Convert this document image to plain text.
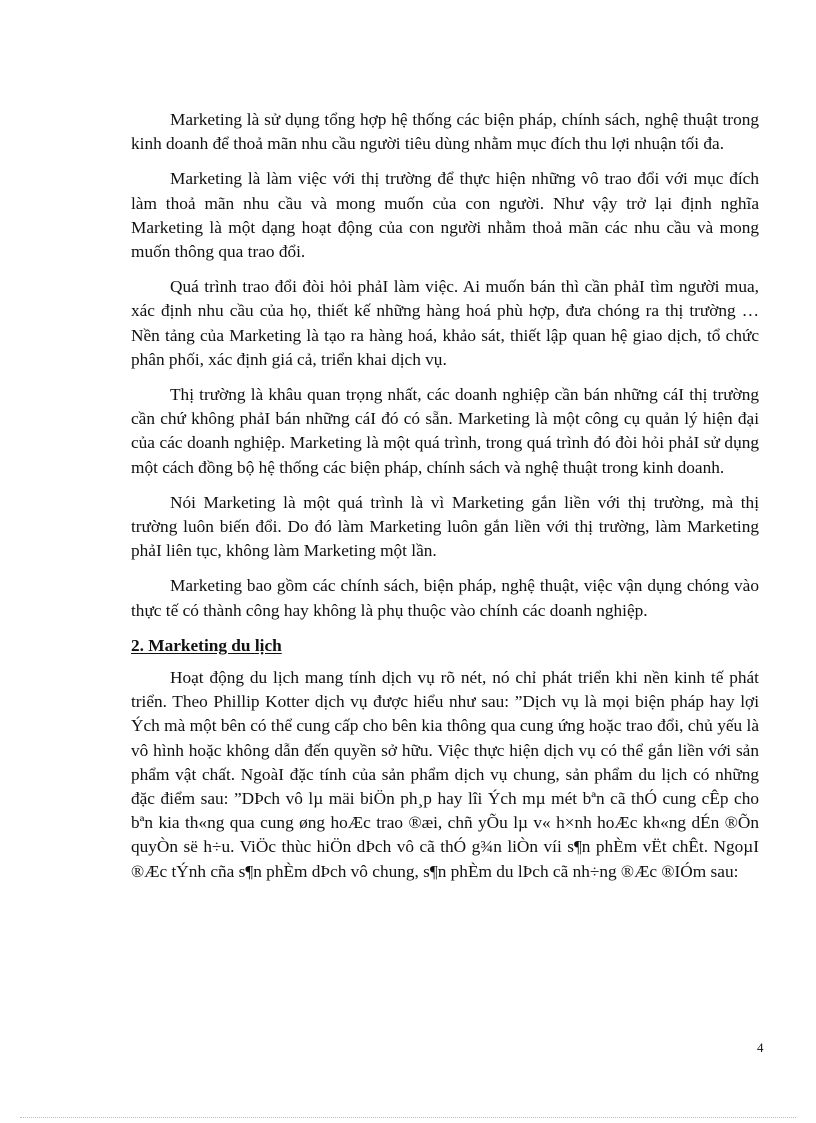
Marketing là sử dụng tổng hợp hệ thống các biện pháp, chính sách, nghệ thuật trong kinh doanh để thoả mãn nhu cầu người tiêu dùng nhằm mục đích thu lợi nhuận tối đa.

Marketing là làm việc với thị trường để thực hiện những vô trao đổi với mục đích làm thoả mãn nhu cầu và mong muốn của con người. Như vậy trở lại định nghĩa Marketing là một dạng hoạt động của con người nhằm thoả mãn các nhu cầu và mong muốn thông qua trao đổi.

Quá trình trao đổi đòi hỏi phảI làm việc. Ai muốn bán thì cần phảI tìm người mua, xác định nhu cầu của họ, thiết kế những hàng hoá phù hợp, đưa chóng ra thị trường … Nền tảng của Marketing là tạo ra hàng hoá, khảo sát, thiết lập quan hệ giao dịch, tổ chức phân phối, xác định giá cả, triển khai dịch vụ.

Thị trường là khâu quan trọng nhất, các doanh nghiệp cần bán những cáI thị trường cần chứ không phảI bán những cáI đó có sẵn. Marketing là một công cụ quản lý hiện đại của các doanh nghiệp. Marketing là một quá trình, trong quá trình đó đòi hỏi phảI sử dụng một cách đồng bộ hệ thống các biện pháp, chính sách và nghệ thuật trong kinh doanh.

Nói Marketing là một quá trình là vì Marketing gắn liền với thị trường, mà thị trường luôn biến đổi. Do đó làm Marketing luôn gắn liền với thị trường, làm Marketing phảI liên tục, không làm Marketing một lần.

Marketing bao gồm các chính sách, biện pháp, nghệ thuật, việc vận dụng chóng vào thực tế có thành công hay không là phụ thuộc vào chính các doanh nghiệp.

2. Marketing du lịch

Hoạt động du lịch mang tính dịch vụ rõ nét, nó chỉ phát triển khi nền kinh tế phát triển. Theo Phillip Kotter dịch vụ được hiểu như sau: ”Dịch vụ là mọi biện pháp hay lợi Ých mà một bên có thể cung cấp cho bên kia thông qua cung ứng hoặc trao đổi, chủ yếu là vô hình hoặc không dẫn đến quyền sở hữu. Việc thực hiện dịch vụ có thể gắn liền với sản phẩm vật chất. NgoàI đặc tính của sản phẩm dịch vụ chung, sản phẩm du lịch có những đặc điểm sau: ”DÞch vô lµ mäi biÖn ph¸p hay lîi Ých mµ mét bªn cã thÓ cung cÊp cho bªn kia th«ng qua cung øng hoÆc trao ®æi, chñ yÕu lµ v« h×nh hoÆc kh«ng dÉn ®Õn quyÒn së h÷u. ViÖc thùc hiÖn dÞch vô cã thÓ g¾n liÒn víi s¶n phÈm vËt chÊt. NgoµI ®Æc tÝnh cña s¶n phÈm dÞch vô chung, s¶n phÈm du lÞch cã nh÷ng ®Æc ®IÓm sau:

4
